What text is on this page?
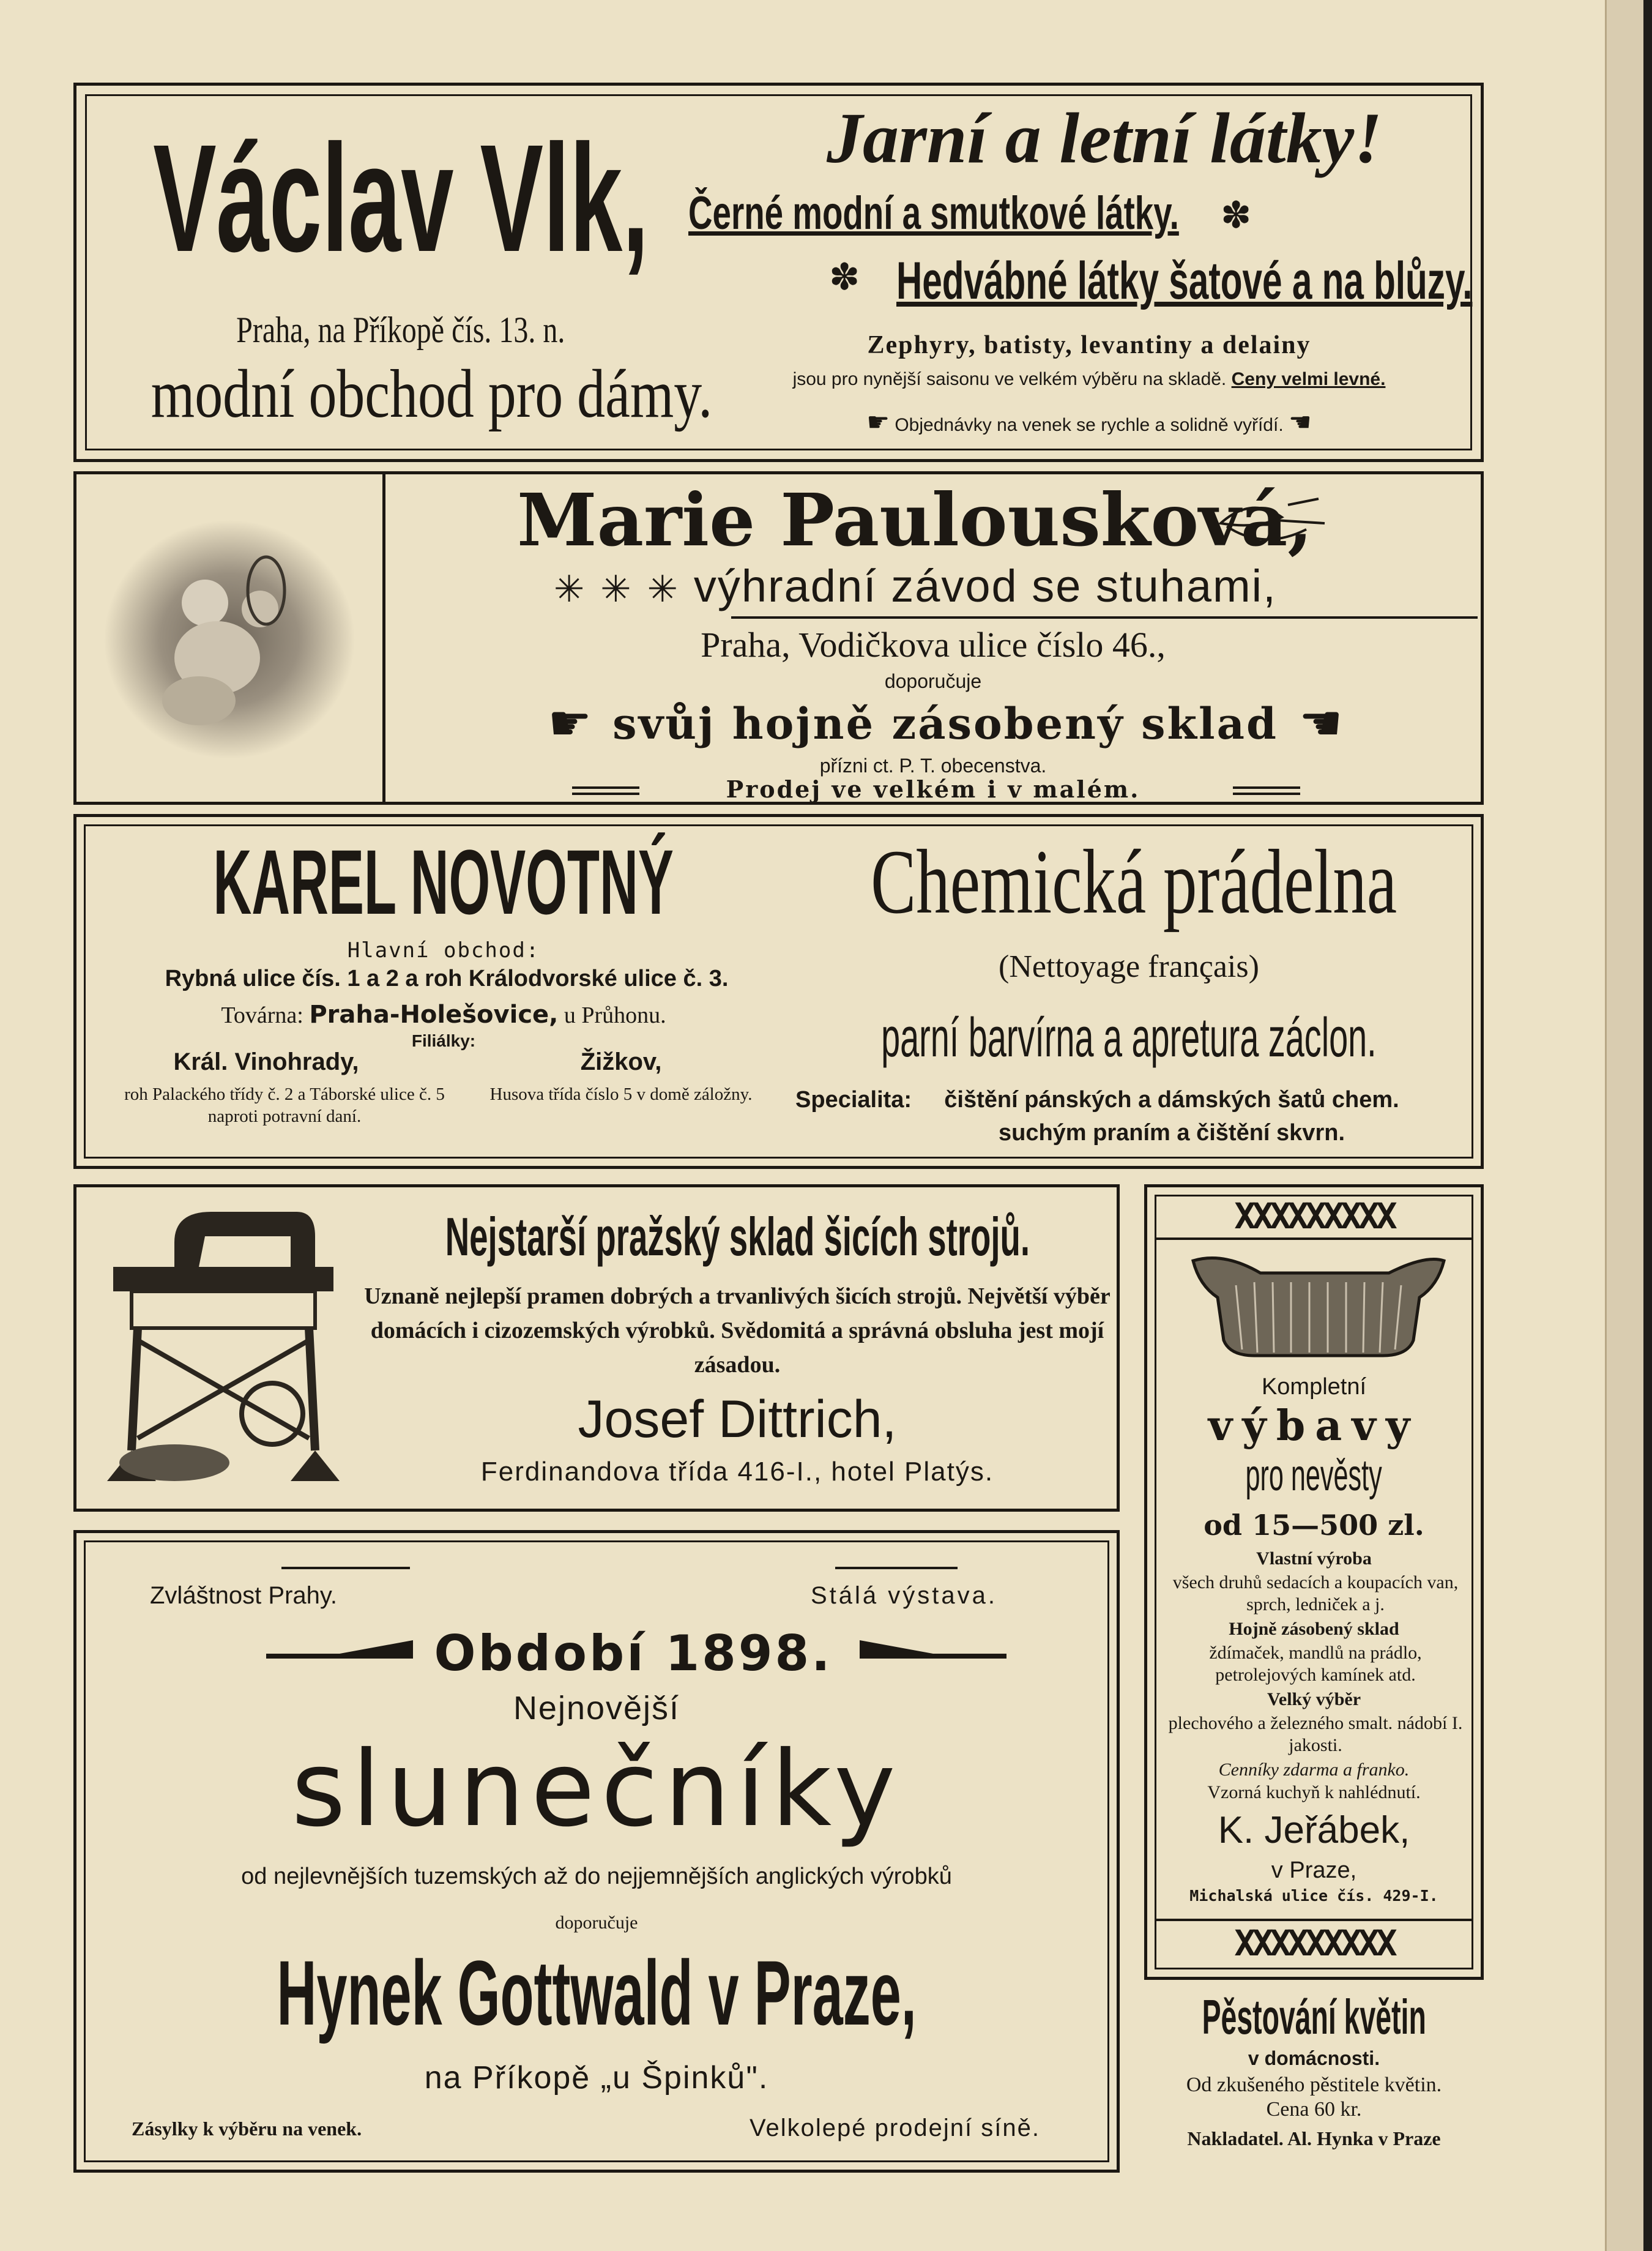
Václav Vlk,
Praha, na Příkopě čís. 13. n.
modní obchod pro dámy.
Jarní a letní látky!
Černé modní a smutkové látky. ✽
✽ Hedvábné látky šatové a na blůzy.
Zephyry, batisty, levantiny a delainy
jsou pro nynější saisonu ve velkém výběru na skladě. Ceny velmi levné.
☛ Objednávky na venek se rychle a solidně vyřídí. ☚
Marie Paulousková,
✳ ✳ ✳ výhradní závod se stuhami,
Praha, Vodičkova ulice číslo 46.,
doporučuje
☛ svůj hojně zásobený sklad ☚
přízni ct. P. T. obecenstva.
Prodej ve velkém i v malém.
KAREL NOVOTNÝ
Hlavní obchod:
Rybná ulice čís. 1 a 2 a roh Králodvorské ulice č. 3.
Továrna: Praha-Holešovice, u Průhonu.
Filiálky:
Král. Vinohrady,
roh Palackého třídy č. 2 a Táborské ulice č. 5 naproti potravní daní.
Žižkov,
Husova třída číslo 5 v domě záložny.
Chemická prádelna
(Nettoyage français)
parní barvírna a apretura záclon.
Specialita:	čištění pánských a dámských šatů chem. suchým praním a čištění skvrn.
Nejstarší pražský sklad šicích strojů.
Uznaně nejlepší pramen dobrých a trvanlivých šicích strojů. Největší výběr domácích i cizozemských výrobků. Svědomitá a správná obsluha jest mojí zásadou.
Josef Dittrich,
Ferdinandova třída 416-I., hotel Platýs.
Zvláštnost Prahy.	Stálá výstava.
Období 1898.
Nejnovější
slunečníky
od nejlevnějších tuzemských až do nejjemnějších anglických výrobků
doporučuje
Hynek Gottwald v Praze,
na Příkopě „u Špinků".
Zásylky k výběru na venek.	Velkolepé prodejní síně.
XXXXXXXXX
Kompletní
výbavy
pro nevěsty
od 15—500 zl.
Vlastní výroba
všech druhů sedacích a koupacích van, sprch, ledniček a j.
Hojně zásobený sklad
ždímaček, mandlů na prádlo, petrolejových kamínek atd.
Velký výběr
plechového a železného smalt. nádobí I. jakosti.
Cenníky zdarma a franko.
Vzorná kuchyň k nahlédnutí.
K. Jeřábek,
v Praze,
Michalská ulice čís. 429-I.
XXXXXXXXX
Pěstování květin
v domácnosti.
Od zkušeného pěstitele květin.
Cena 60 kr.
Nakladatel. Al. Hynka v Praze
